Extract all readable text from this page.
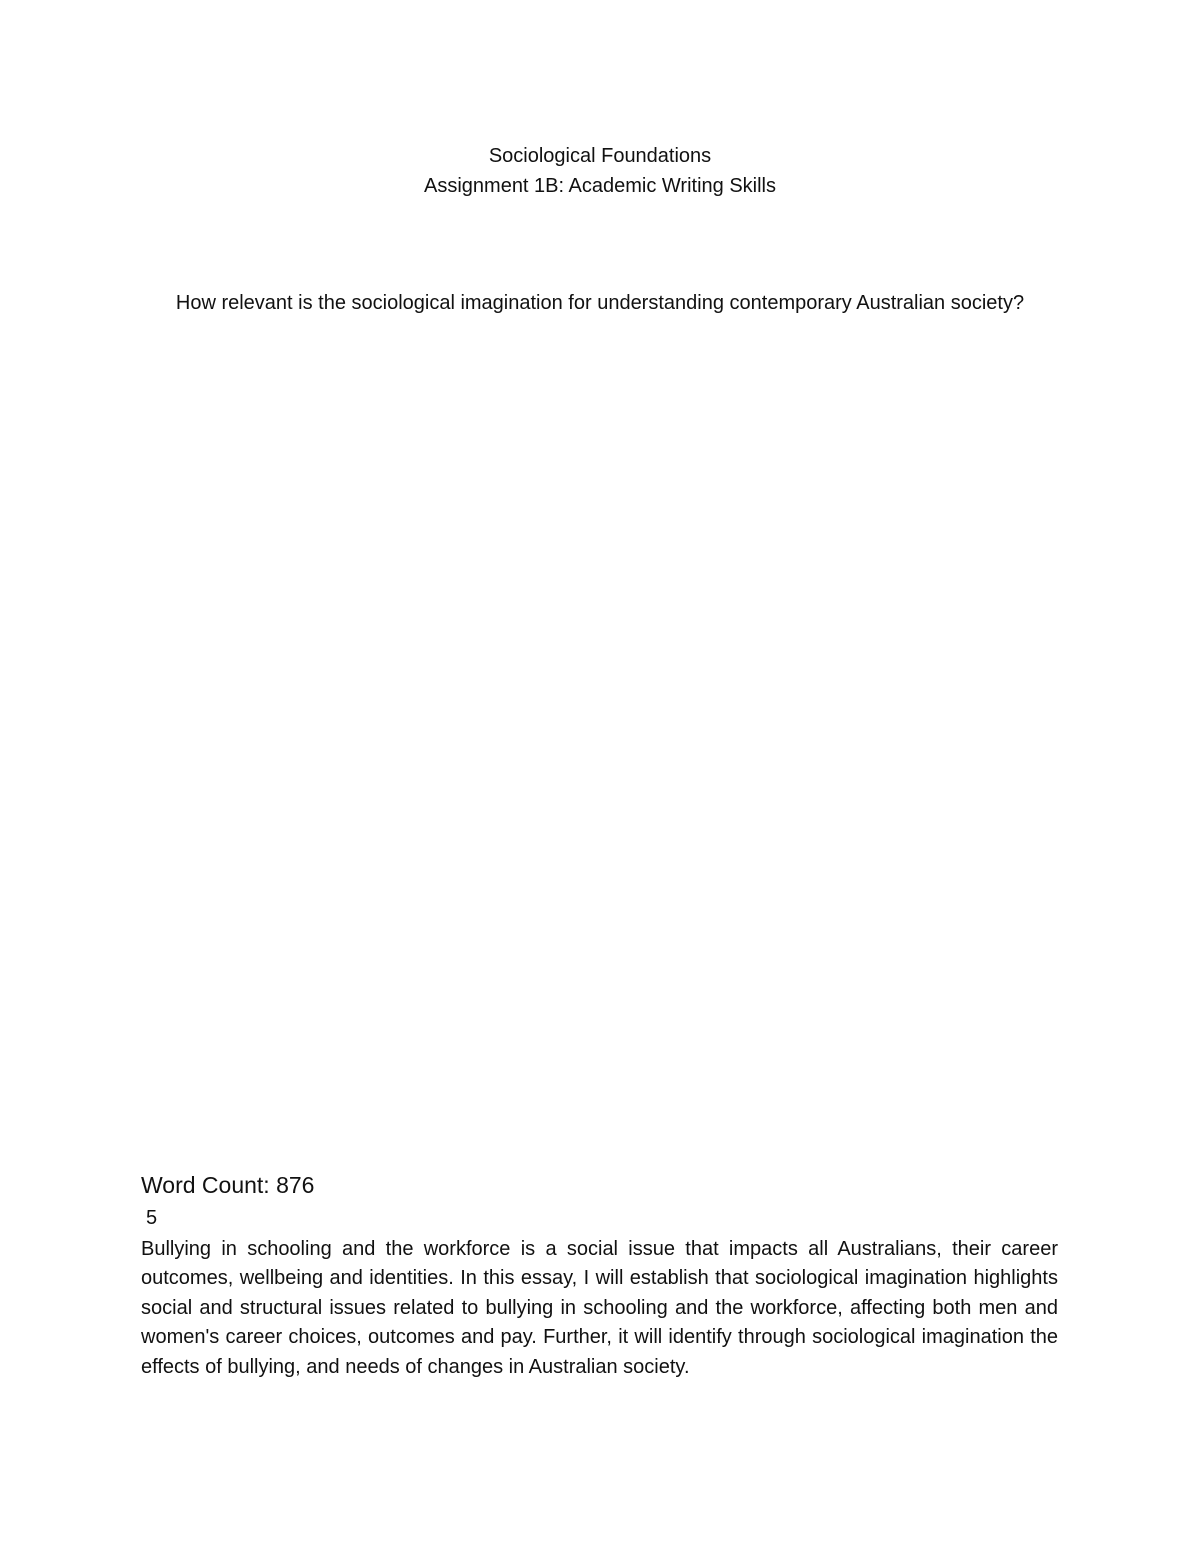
Sociological Foundations
Assignment 1B: Academic Writing Skills
How relevant is the sociological imagination for understanding contemporary Australian society?
Word Count: 876
5

Bullying in schooling and the workforce is a social issue that impacts all Australians, their career outcomes, wellbeing and identities. In this essay, I will establish that sociological imagination highlights social and structural issues related to bullying in schooling and the workforce, affecting both men and women's career choices, outcomes and pay. Further, it will identify through sociological imagination the effects of bullying, and needs of changes in Australian society.
